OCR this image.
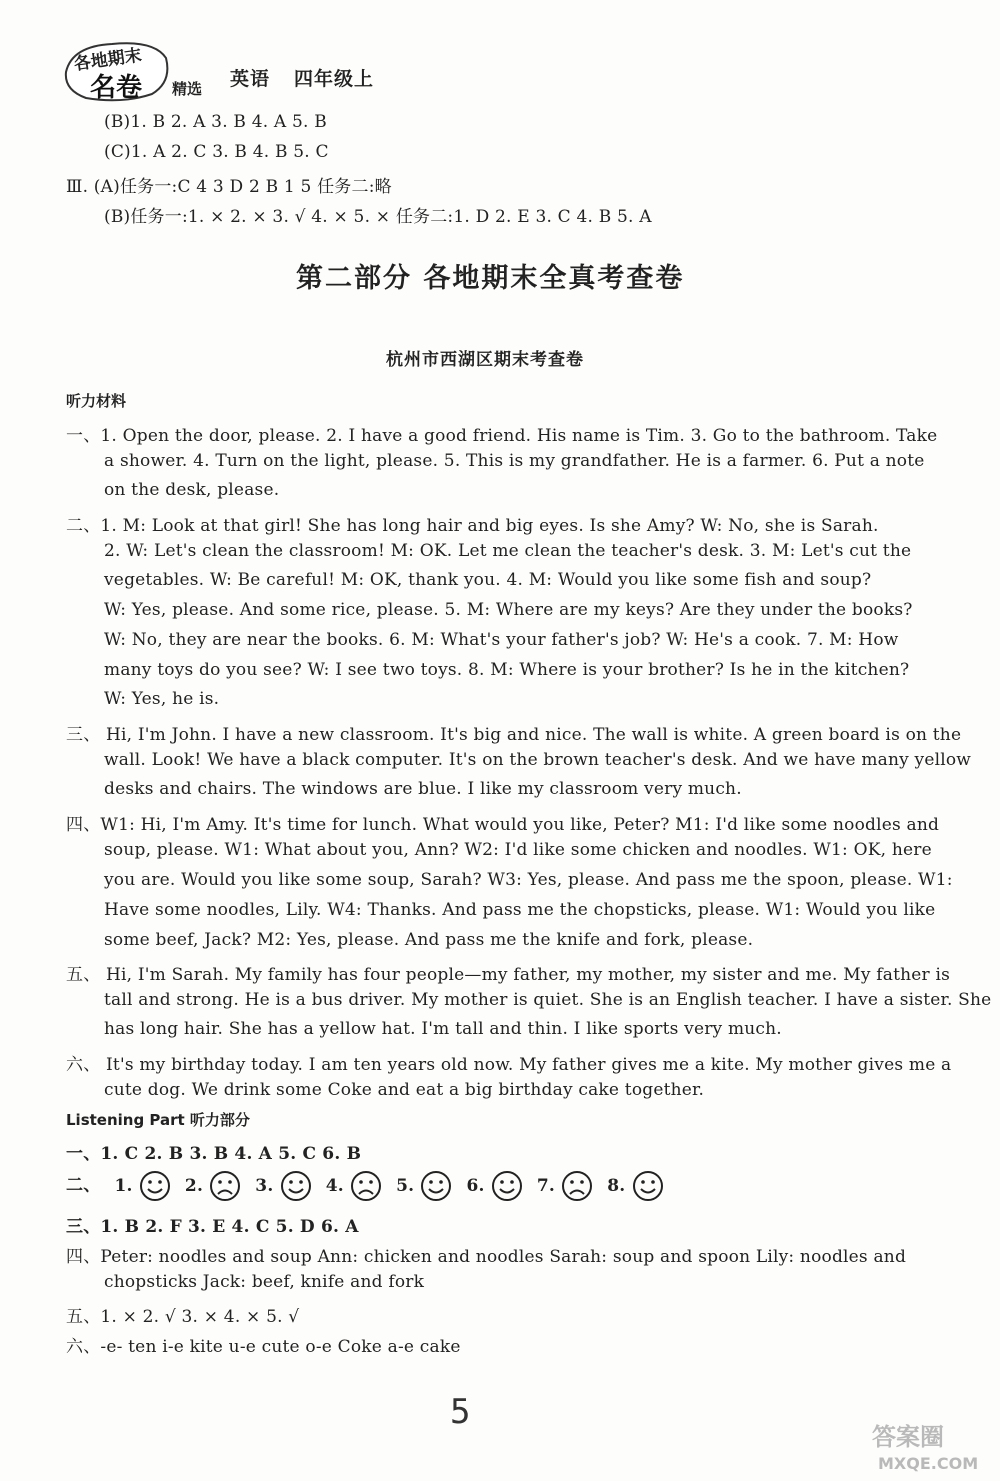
各地期末
名卷 精选 英语 四年级上
(B)1. B 2. A 3. B 4. A 5. B
(C)1. A 2. C 3. B 4. B 5. C
Ⅲ. (A)任务一:C 4 3 D 2 B 1 5 任务二:略
(B)任务一:1. × 2. × 3. √ 4. × 5. × 任务二:1. D 2. E 3. C 4. B 5. A
第二部分 各地期末全真考查卷
杭州市西湖区期末考查卷
听力材料
一、1. Open the door, please. 2. I have a good friend. His name is Tim. 3. Go to the bathroom. Take
a shower. 4. Turn on the light, please. 5. This is my grandfather. He is a farmer. 6. Put a note
on the desk, please.
二、1. M: Look at that girl! She has long hair and big eyes. Is she Amy? W: No, she is Sarah.
2. W: Let's clean the classroom! M: OK. Let me clean the teacher's desk. 3. M: Let's cut the
vegetables. W: Be careful! M: OK, thank you. 4. M: Would you like some fish and soup?
W: Yes, please. And some rice, please. 5. M: Where are my keys? Are they under the books?
W: No, they are near the books. 6. M: What's your father's job? W: He's a cook. 7. M: How
many toys do you see? W: I see two toys. 8. M: Where is your brother? Is he in the kitchen?
W: Yes, he is.
三、 Hi, I'm John. I have a new classroom. It's big and nice. The wall is white. A green board is on the
wall. Look! We have a black computer. It's on the brown teacher's desk. And we have many yellow
desks and chairs. The windows are blue. I like my classroom very much.
四、W1: Hi, I'm Amy. It's time for lunch. What would you like, Peter? M1: I'd like some noodles and
soup, please. W1: What about you, Ann? W2: I'd like some chicken and noodles. W1: OK, here
you are. Would you like some soup, Sarah? W3: Yes, please. And pass me the spoon, please. W1:
Have some noodles, Lily. W4: Thanks. And pass me the chopsticks, please. W1: Would you like
some beef, Jack? M2: Yes, please. And pass me the knife and fork, please.
五、 Hi, I'm Sarah. My family has four people—my father, my mother, my sister and me. My father is
tall and strong. He is a bus driver. My mother is quiet. She is an English teacher. I have a sister. She
has long hair. She has a yellow hat. I'm tall and thin. I like sports very much.
六、 It's my birthday today. I am ten years old now. My father gives me a kite. My mother gives me a
cute dog. We drink some Coke and eat a big birthday cake together.
Listening Part 听力部分
一、1. C 2. B 3. B 4. A 5. C 6. B
二、 1.  2.  3.  4.  5.  6.  7.  8.
三、1. B 2. F 3. E 4. C 5. D 6. A
四、Peter: noodles and soup Ann: chicken and noodles Sarah: soup and spoon Lily: noodles and
chopsticks Jack: beef, knife and fork
五、1. × 2. √ 3. × 4. × 5. √
六、-e- ten i-e kite u-e cute o-e Coke a-e cake
5
答案圈
MXQE.COM
